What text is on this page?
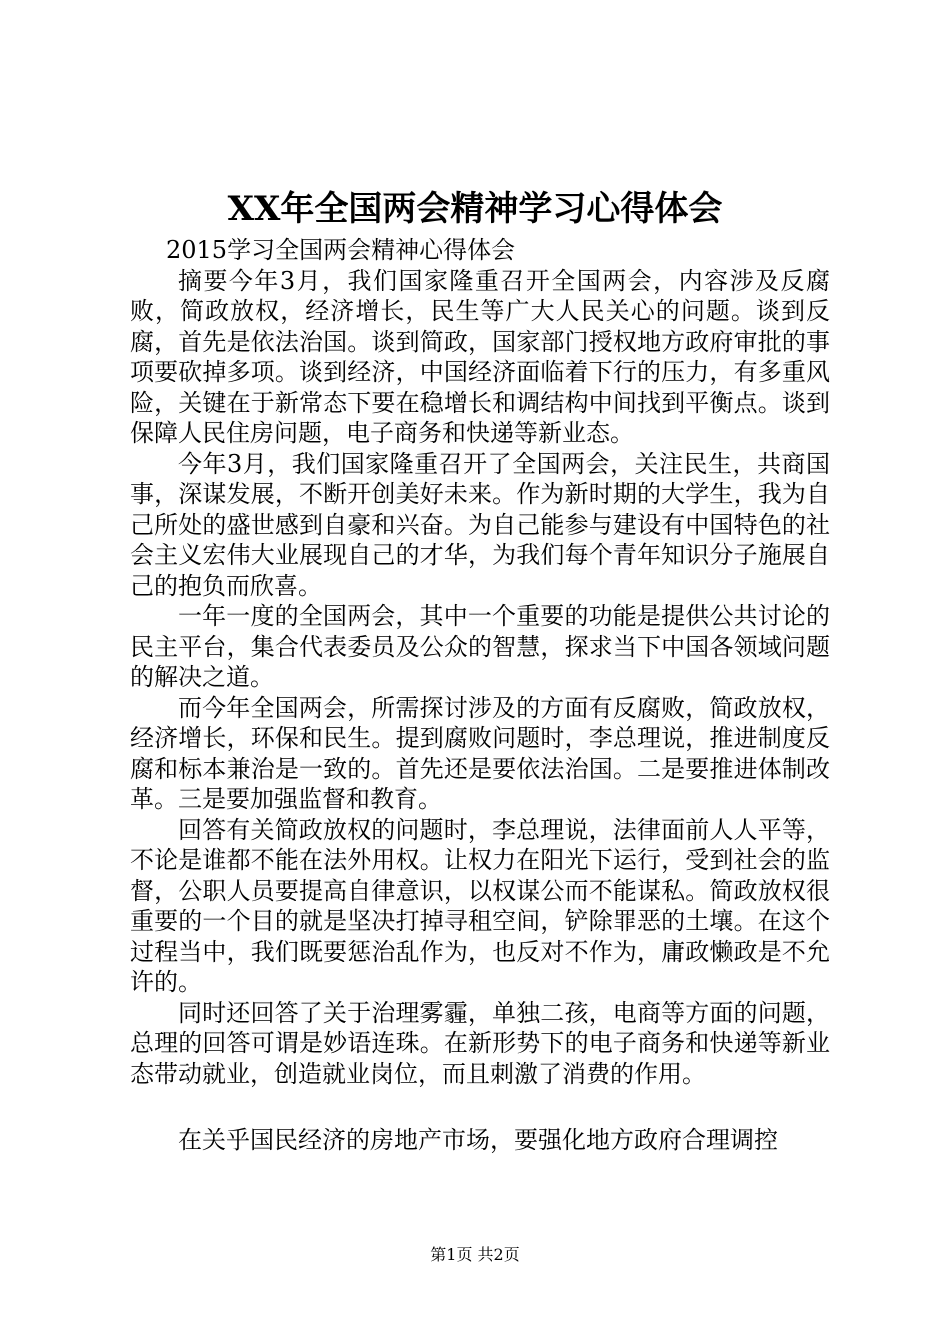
XX年全国两会精神学习心得体会

2015学习全国两会精神心得体会

摘要今年3月，我们国家隆重召开全国两会，内容涉及反腐败，简政放权，经济增长，民生等广大人民关心的问题。谈到反腐，首先是依法治国。谈到简政，国家部门授权地方政府审批的事项要砍掉多项。谈到经济，中国经济面临着下行的压力，有多重风险，关键在于新常态下要在稳增长和调结构中间找到平衡点。谈到保障人民住房问题，电子商务和快递等新业态。

今年3月，我们国家隆重召开了全国两会，关注民生，共商国事，深谋发展，不断开创美好未来。作为新时期的大学生，我为自己所处的盛世感到自豪和兴奋。为自己能参与建设有中国特色的社会主义宏伟大业展现自己的才华，为我们每个青年知识分子施展自己的抱负而欣喜。

一年一度的全国两会，其中一个重要的功能是提供公共讨论的民主平台，集合代表委员及公众的智慧，探求当下中国各领域问题的解决之道。

而今年全国两会，所需探讨涉及的方面有反腐败，简政放权，经济增长，环保和民生。提到腐败问题时，李总理说，推进制度反腐和标本兼治是一致的。首先还是要依法治国。二是要推进体制改革。三是要加强监督和教育。

回答有关简政放权的问题时，李总理说，法律面前人人平等，不论是谁都不能在法外用权。让权力在阳光下运行，受到社会的监督，公职人员要提高自律意识，以权谋公而不能谋私。简政放权很重要的一个目的就是坚决打掉寻租空间，铲除罪恶的土壤。在这个过程当中，我们既要惩治乱作为，也反对不作为，庸政懒政是不允许的。

同时还回答了关于治理雾霾，单独二孩，电商等方面的问题，总理的回答可谓是妙语连珠。在新形势下的电子商务和快递等新业态带动就业，创造就业岗位，而且刺激了消费的作用。

在关乎国民经济的房地产市场，要强化地方政府合理调控

第1页 共2页
